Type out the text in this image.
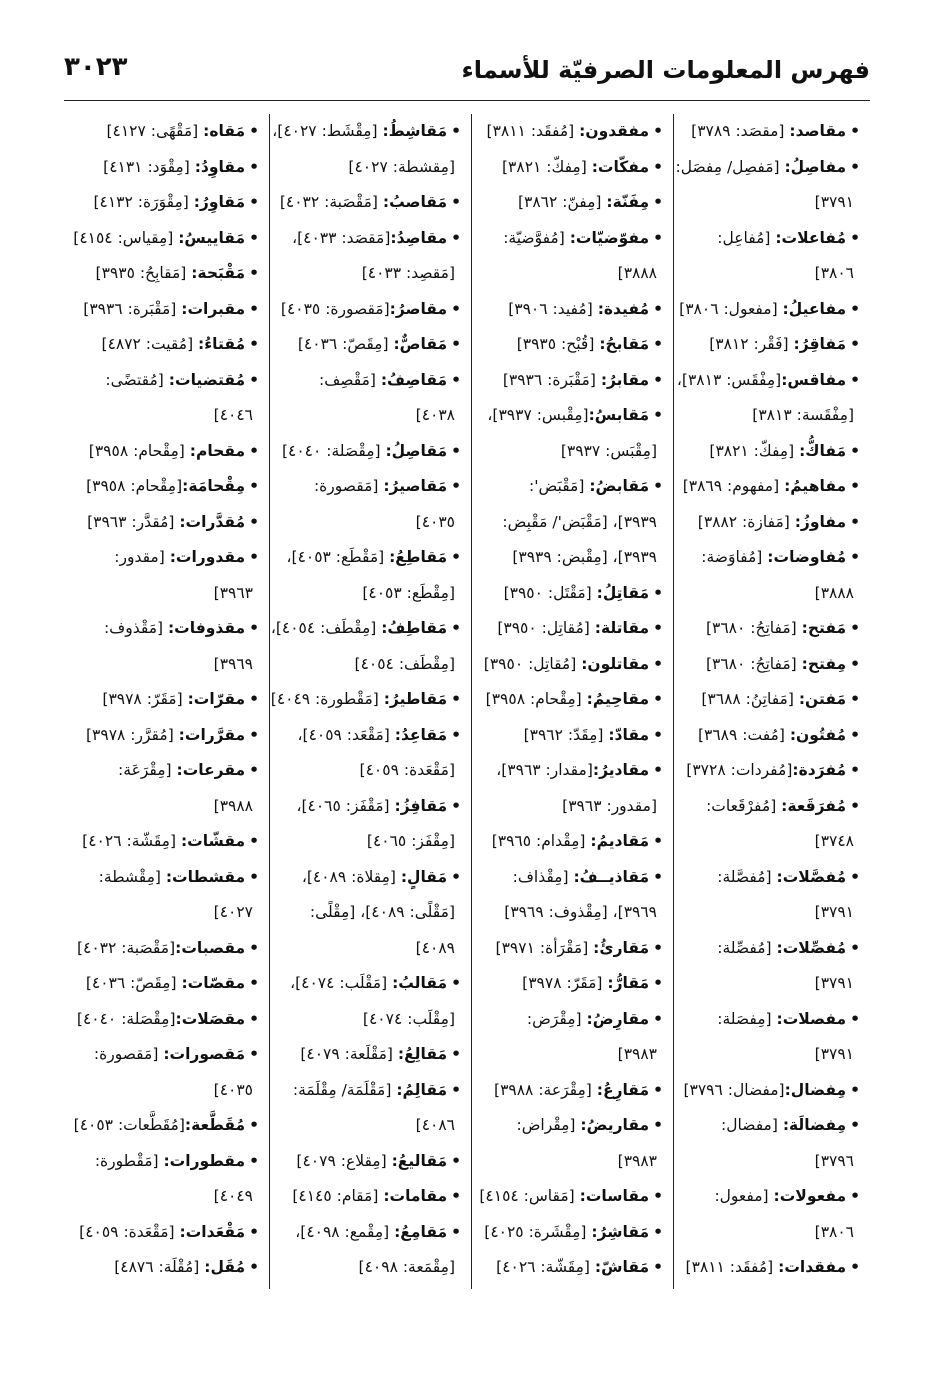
٣٠٢٣	فهرس المعلومات الصرفيّة للأسماء
• مقاصد: [مقصَد: ٣٧٨٩]
• مفاصِلُ: [مَفصِل/ مِفصَل:
٣٧٩١]
• مُفاعلات: [مُفاعِل:
٣٨٠٦]
• مفاعيلُ: [مفعول: ٣٨٠٦]
• مَفاقِرُ: [فَقْر: ٣٨١٢]
• مفاقس:[مِفْقَس: ٣٨١٣]،
[مِفْقَسة: ٣٨١٣]
• مَفاكُّ: [مِفكّ: ٣٨٢١]
• مفاهيمُ: [مفهوم: ٣٨٦٩]
• مفاوزُ: [مَفازة: ٣٨٨٢]
• مُفاوضات: [مُفاوَضة:
٣٨٨٨]
• مَفتح: [مَفاتِحُ: ٣٦٨٠]
• مِفتح: [مَفاتِحُ: ٣٦٨٠]
• مَفتن: [مَفاتِنُ: ٣٦٨٨]
• مُفتُون: [مُفت: ٣٦٨٩]
• مُفرَدة:[مُفردات: ٣٧٢٨]
• مُفرَقَعة: [مُفرْقَعات:
٣٧٤٨]
• مُفصَّلات: [مُفصَّلة:
٣٧٩١]
• مُفصِّلات: [مُفصِّلة:
٣٧٩١]
• مفصلات: [مِفصَلة:
٣٧٩١]
• مِفضال:[مفضال: ٣٧٩٦]
• مِفضالَة: [مفضال:
٣٧٩٦]
• مفعولات: [مفعول:
٣٨٠٦]
• مفقدات: [مُفقَد: ٣٨١١]
• مفقدون: [مُفقَد: ٣٨١١]
• مفكّات: [مِفكّ: ٣٨٢١]
• مِفَنّة: [مِفنّ: ٣٨٦٢]
• مفوّضيّات: [مُفوَّضيّة:
٣٨٨٨]
• مُفيدة: [مُفيد: ٣٩٠٦]
• مَقابحُ: [قُبْح: ٣٩٣٥]
• مقابرُ: [مَقْبَرة: ٣٩٣٦]
• مَقابسُ:[مِقْبس: ٣٩٣٧]،
[مِقْبَس: ٣٩٣٧]
• مَقابضُ: [مَقْبَض':
٣٩٣٩]، [مَقْبَض'/ مَقْبِض:
٣٩٣٩]، [مِقْبض: ٣٩٣٩]
• مَقاتِلُ: [مَقْتَل: ٣٩٥٠]
• مقاتلة: [مُقاتِل: ٣٩٥٠]
• مقاتلون: [مُقاتِل: ٣٩٥٠]
• مقاحِيمُ: [مِقْحام: ٣٩٥٨]
• مقادّ: [مِقَدّ: ٣٩٦٢]
• مقاديرُ:[مقدار: ٣٩٦٣]،
[مقدور: ٣٩٦٣]
• مَقاديمُ: [مِقْدام: ٣٩٦٥]
• مَقاذيــفُ: [مِقْذاف:
٣٩٦٩]، [مِقْذوف: ٣٩٦٩]
• مَقارئُ: [مَقْرَأة: ٣٩٧١]
• مَقارُّ: [مَقَرّ: ٣٩٧٨]
• مقارِضُ: [مِقْرَض:
٣٩٨٣]
• مَقارِعُ: [مِقْرَعة: ٣٩٨٨]
• مقاريضُ: [مِقْراض:
٣٩٨٣]
• مقاسات: [مَقاس: ٤١٥٤]
• مَقاشِرُ: [مِقْشَرة: ٤٠٢٥]
• مَقاشّ: [مِقَشّة: ٤٠٢٦]
• مَقاشِطُ: [مِقْشَط: ٤٠٢٧]،
[مِقشطة: ٤٠٢٧]
• مَقاصبُ: [مَقْصَبة: ٤٠٣٢]
• مقاصِدُ:[مَقصَد: ٤٠٣٣]،
[مَقصِد: ٤٠٣٣]
• مقاصرُ:[مَقصورة: ٤٠٣٥]
• مَقاصٌّ: [مِقَصّ: ٤٠٣٦]
• مَقاصِفُ: [مَقْصِف:
٤٠٣٨]
• مَقاصِلُ: [مِقْصَلة: ٤٠٤٠]
• مَقاصيرُ: [مَقصورة:
٤٠٣٥]
• مَقاطِعُ: [مَقْطَع: ٤٠٥٣]،
[مِقْطَع: ٤٠٥٣]
• مَقاطِفُ: [مِقْطَف: ٤٠٥٤]،
[مِقْطَف: ٤٠٥٤]
• مَقاطيرُ: [مَقْطورة: ٤٠٤٩]
• مَقاعِدُ: [مَقْعَد: ٤٠٥٩]،
[مَقْعَدة: ٤٠٥٩]
• مَقافِزُ: [مَقْفَز: ٤٠٦٥]،
[مِقْفَز: ٤٠٦٥]
• مَقالٍ: [مِقلاة: ٤٠٨٩]،
[مَقْلًى: ٤٠٨٩]، [مِقْلًى:
٤٠٨٩]
• مَقالبُ: [مَقْلَب: ٤٠٧٤]،
[مِقْلَب: ٤٠٧٤]
• مَقالِعُ: [مَقْلَعة: ٤٠٧٩]
• مَقالِمُ: [مَقْلَمَة/ مِقْلَمَة:
٤٠٨٦]
• مَقاليعُ: [مِقلاع: ٤٠٧٩]
• مقامات: [مَقام: ٤١٤٥]
• مَقامِعُ: [مِقْمع: ٤٠٩٨]،
[مِقْمَعة: ٤٠٩٨]
• مَقاه: [مَقْهًى: ٤١٢٧]
• مقاوِدُ: [مِقْوَد: ٤١٣١]
• مَقاوِرُ: [مِقْوَرَة: ٤١٣٢]
• مَقاييسُ: [مِقياس: ٤١٥٤]
• مَقْبَحة: [مَقابِحُ: ٣٩٣٥]
• مقبرات: [مَقْبَرة: ٣٩٣٦]
• مُقتاءُ: [مُقيت: ٤٨٧٢]
• مُقتضيات: [مُقتضًى:
٤٠٤٦]
• مقحام: [مِقْحام: ٣٩٥٨]
• مِقْحامَة:[مِقْحام: ٣٩٥٨]
• مُقدَّرات: [مُقدَّر: ٣٩٦٣]
• مقدورات: [مقدور:
٣٩٦٣]
• مقذوفات: [مَقْذوف:
٣٩٦٩]
• مقرّات: [مَقَرّ: ٣٩٧٨]
• مقرَّرات: [مُقرَّر: ٣٩٧٨]
• مقرعات: [مِقْرَعَة:
٣٩٨٨]
• مقشّات: [مِقَشّة: ٤٠٢٦]
• مقشطات: [مِقْشطة:
٤٠٢٧]
• مقصبات:[مَقْصَبة: ٤٠٣٢]
• مقصّات: [مِقَصّ: ٤٠٣٦]
• مقصَلات:[مِقْصَلة: ٤٠٤٠]
• مَقصورات: [مَقصورة:
٤٠٣٥]
• مُقَطَّعة:[مُقَطَّعات: ٤٠٥٣]
• مقطورات: [مَقْطورة:
٤٠٤٩]
• مَقْعَدات: [مَقْعَدة: ٤٠٥٩]
• مُقَل: [مُقْلَة: ٤٨٧٦]
